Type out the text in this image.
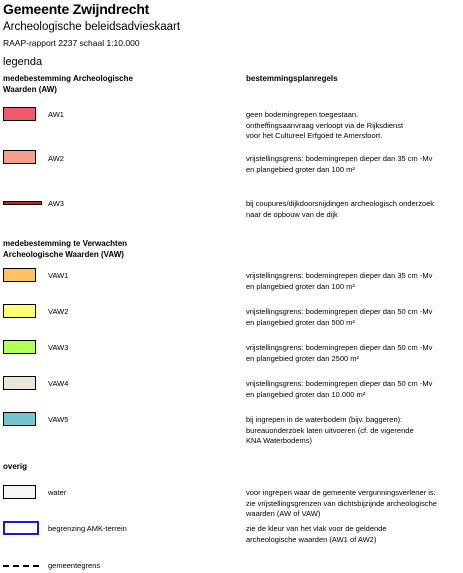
Gemeente Zwijndrecht
Archeologische beleidsadvieskaart
RAAP-rapport 2237 schaal 1:10.000
legenda
medebestemming Archeologische
Waarden (AW)
bestemmingsplanregels
AW1	geen bodemingrepen toegestaan.
ontheffingsaanvraag verloopt via de Rijksdienst
voor het Cultureel Erfgoed te Amersfoort.
AW2	vrijstellingsgrens: bodemingrepen dieper dan 35 cm -Mv
en plangebied groter dan 100 m²
AW3	bij coupures/dijkdoorsnijdingen archeologisch onderzoek
naar de opbouw van de dijk
medebestemming te Verwachten
Archeologische Waarden (VAW)
VAW1	vrijstellingsgrens: bodemingrepen dieper dan 35 cm -Mv
en plangebied groter dan 100 m²
VAW2	vrijstellingsgrens: bodemingrepen dieper dan 50 cm -Mv
en plangebied groter dan 500 m²
VAW3	vrijstellingsgrens: bodemingrepen dieper dan 50 cm -Mv
en plangebied groter dan 2500 m²
VAW4	vrijstellingsgrens: bodemingrepen dieper dan 50 cm -Mv
en plangebied groter dan 10.000 m²
VAW5	bij ingrepen in de waterbodem (bijv. baggeren):
bureauonderzoek laten uitvoeren (cf. de vigerende
KNA Waterbodems)
overig
water	voor ingrepen waar de gemeente vergunningsverlener is:
zie vrijstellingsgrenzen van dichtsbijzijnde archeologische
waarden (AW of VAW)
begrenzing AMK-terrein	zie de kleur van het vlak voor de geldende
archeologische waarden (AW1 of AW2)
gemeentegrens
